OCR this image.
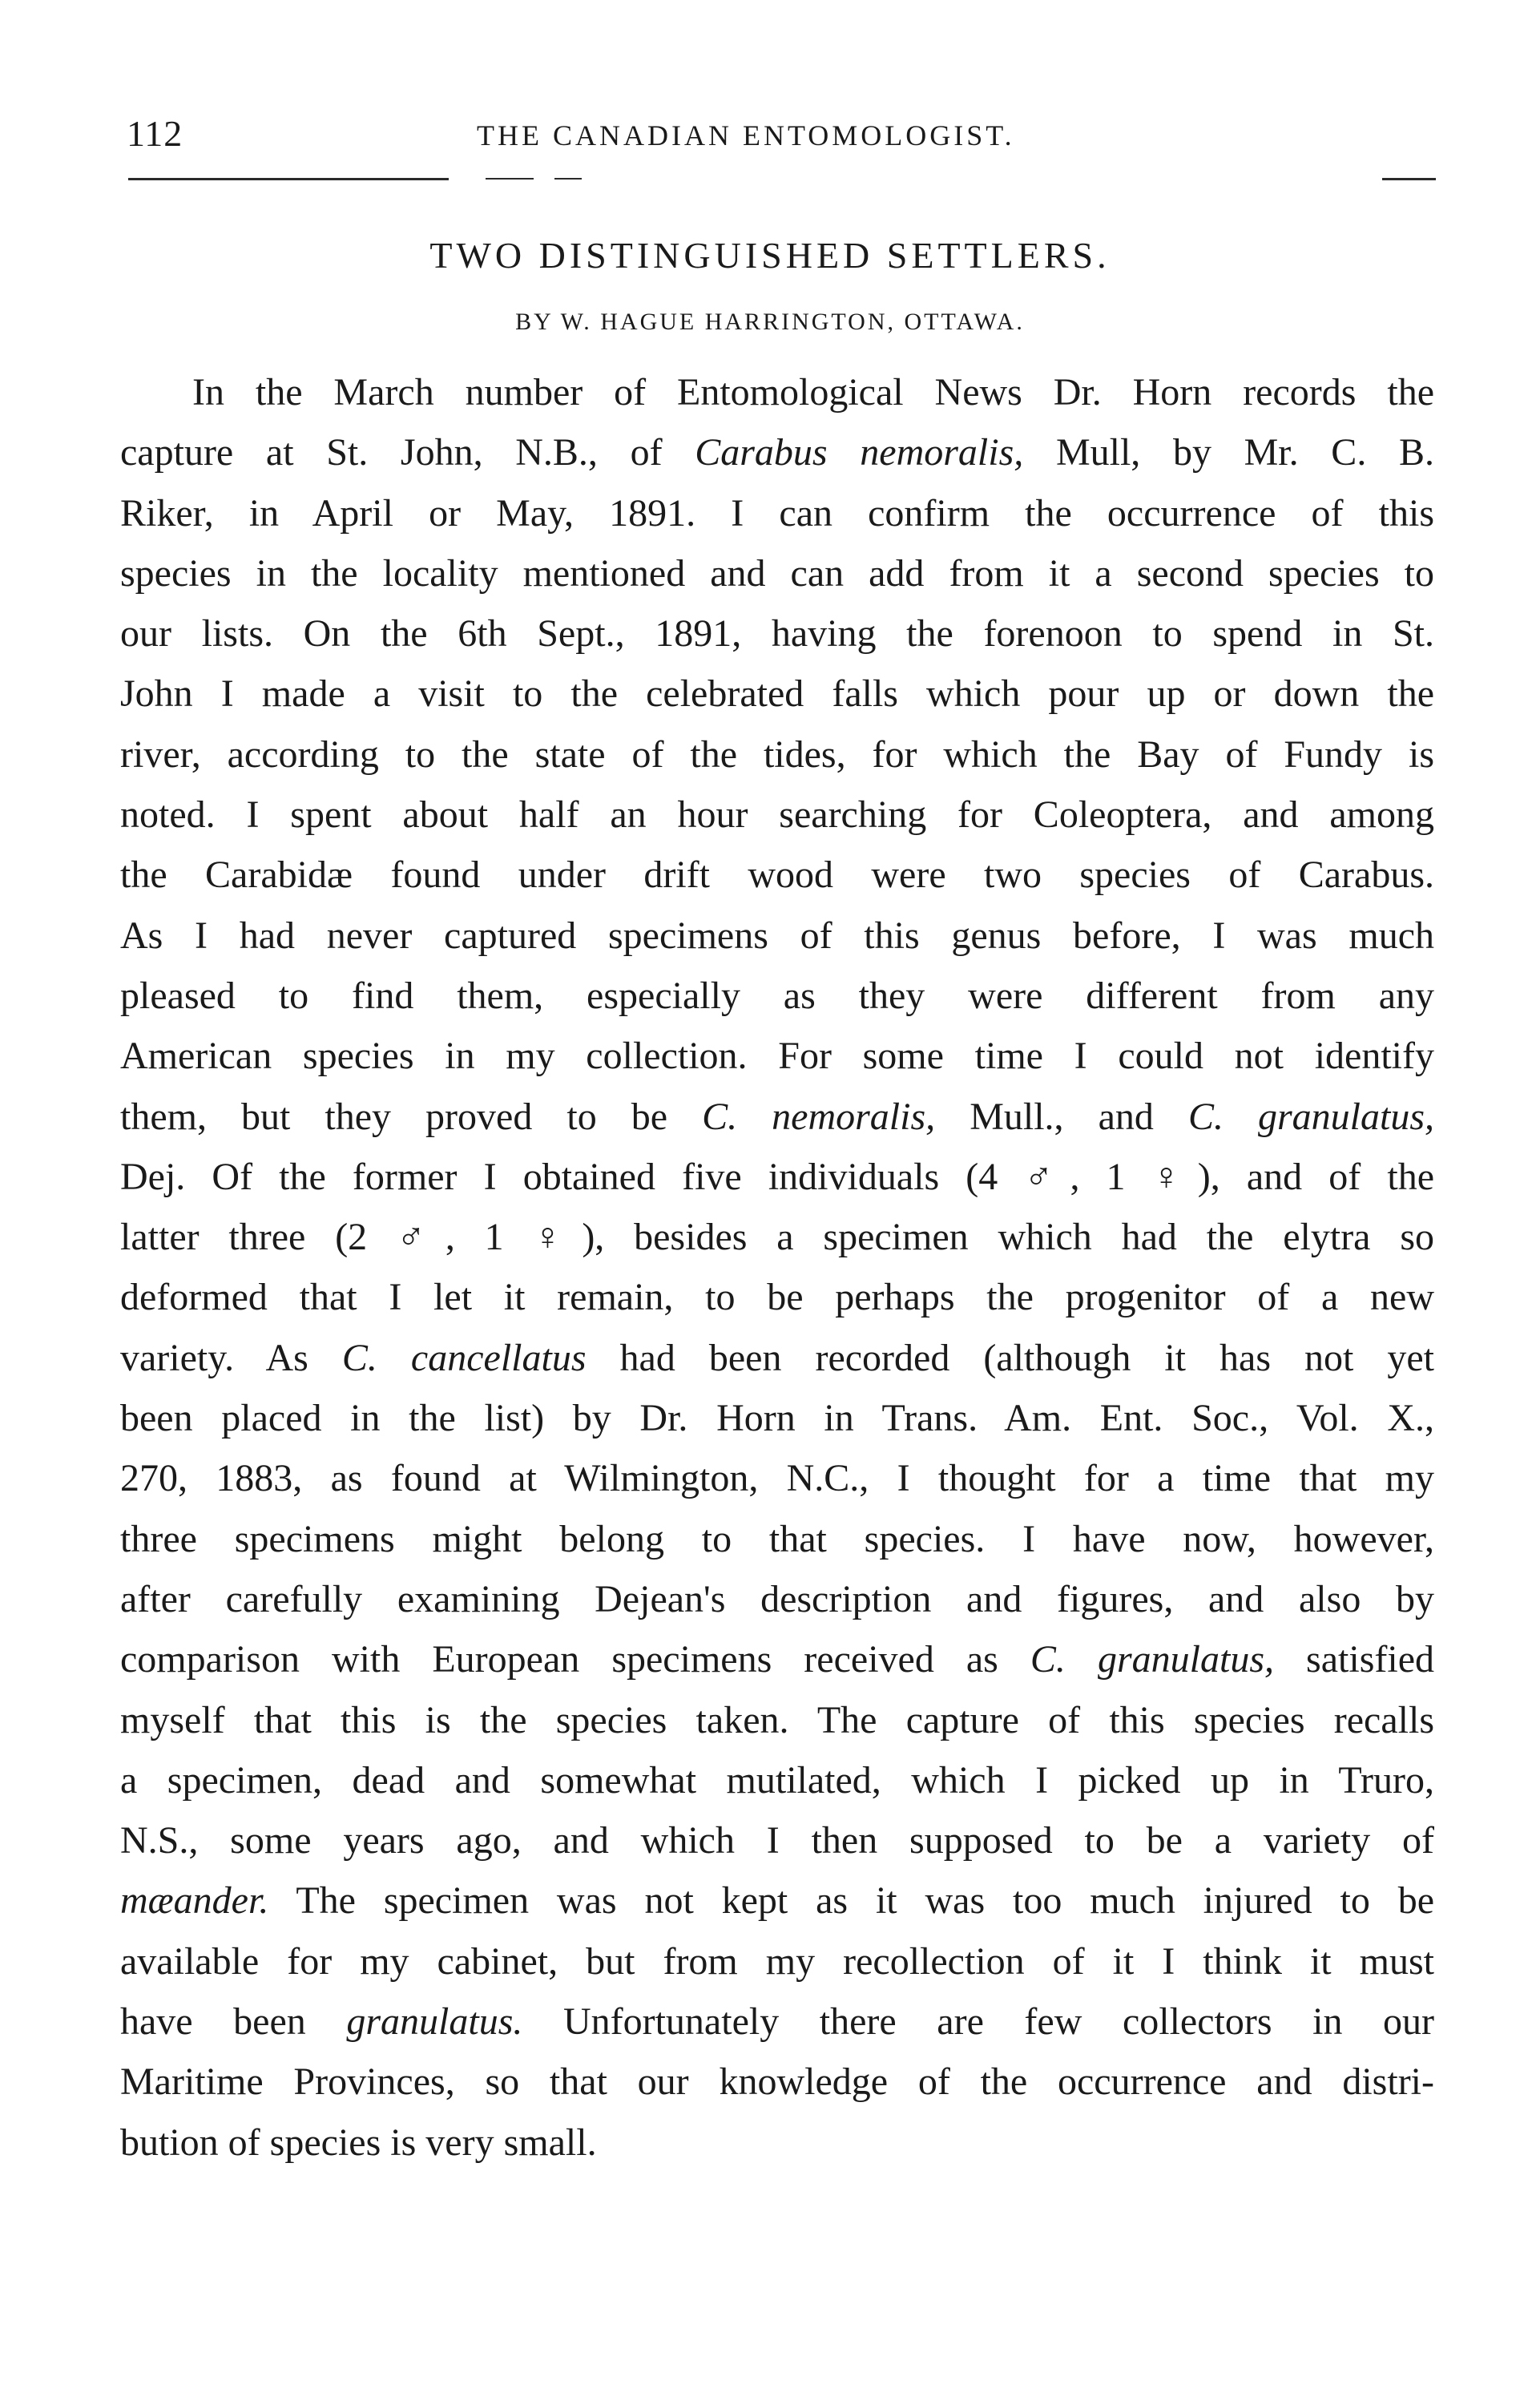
112	THE CANADIAN ENTOMOLOGIST.
TWO DISTINGUISHED SETTLERS.
BY W. HAGUE HARRINGTON, OTTAWA.
In the March number of Entomological News Dr. Horn records the
capture at St. John, N.B., of Carabus nemoralis, Mull, by Mr. C. B.
Riker, in April or May, 1891. I can confirm the occurrence of this
species in the locality mentioned and can add from it a second species to
our lists. On the 6th Sept., 1891, having the forenoon to spend in St.
John I made a visit to the celebrated falls which pour up or down the
river, according to the state of the tides, for which the Bay of Fundy is
noted. I spent about half an hour searching for Coleoptera, and among
the Carabidæ found under drift wood were two species of Carabus.
As I had never captured specimens of this genus before, I was much
pleased to find them, especially as they were different from any
American species in my collection. For some time I could not identify
them, but they proved to be C. nemoralis, Mull., and C. granulatus,
Dej. Of the former I obtained five individuals (4 ♂, 1 ♀), and of the
latter three (2 ♂, 1 ♀), besides a specimen which had the elytra so
deformed that I let it remain, to be perhaps the progenitor of a new
variety. As C. cancellatus had been recorded (although it has not yet
been placed in the list) by Dr. Horn in Trans. Am. Ent. Soc., Vol. X.,
270, 1883, as found at Wilmington, N.C., I thought for a time that my
three specimens might belong to that species. I have now, however,
after carefully examining Dejean's description and figures, and also by
comparison with European specimens received as C. granulatus, satisfied
myself that this is the species taken. The capture of this species recalls
a specimen, dead and somewhat mutilated, which I picked up in Truro,
N.S., some years ago, and which I then supposed to be a variety of
mæander. The specimen was not kept as it was too much injured to be
available for my cabinet, but from my recollection of it I think it must
have been granulatus. Unfortunately there are few collectors in our
Maritime Provinces, so that our knowledge of the occurrence and distri-
bution of species is very small.
